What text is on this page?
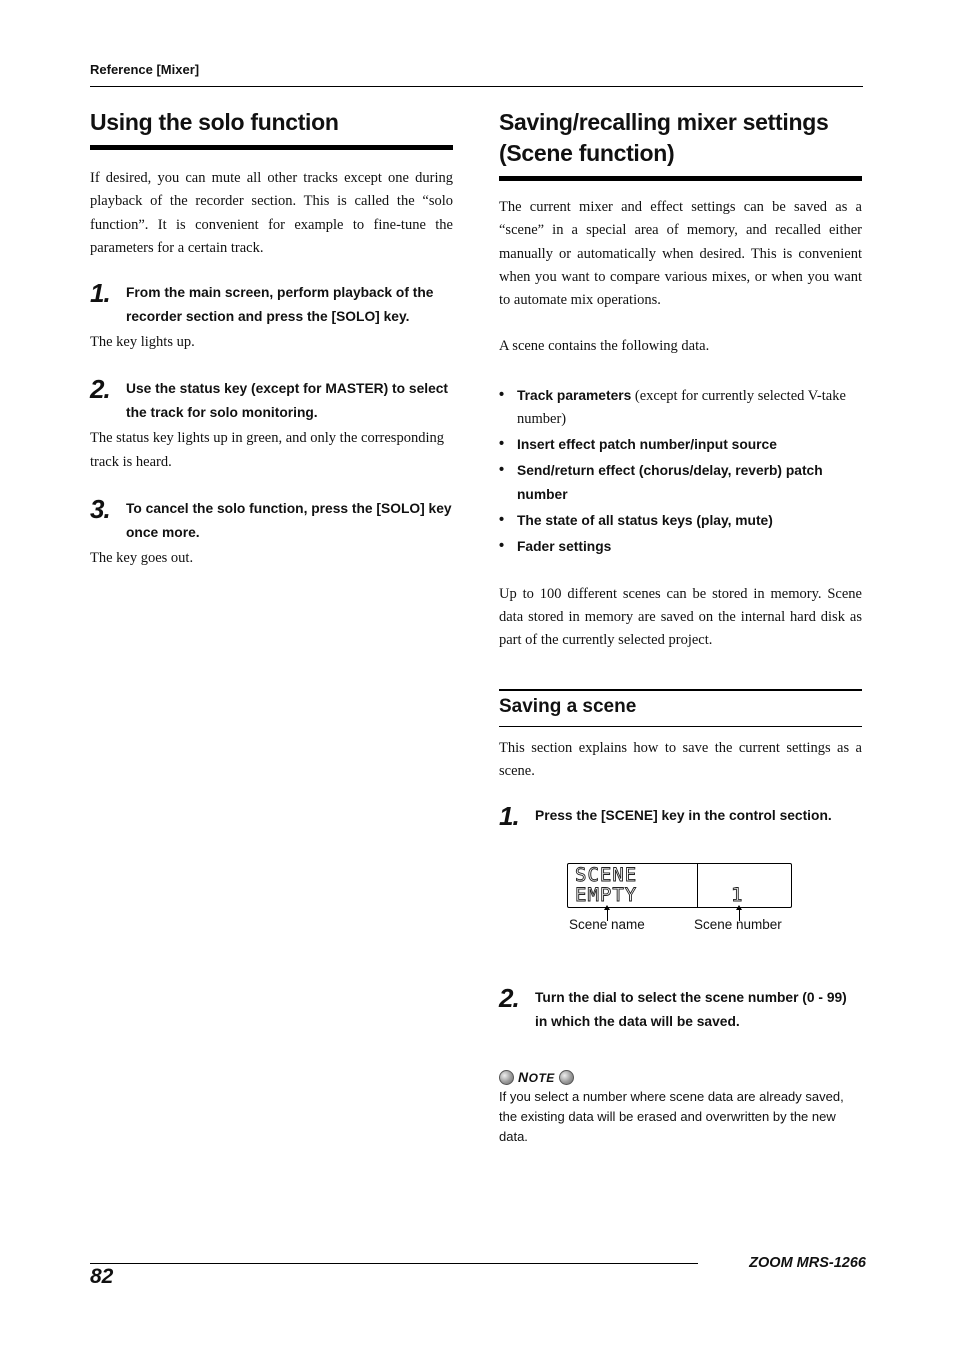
Reference [Mixer]
Using the solo function

If desired, you can mute all other tracks except one during playback of the recorder section. This is called the “solo function”. It is convenient for example to fine-tune the parameters for a certain track.

1.	From the main screen, perform playback of the recorder section and press the [SOLO] key.

The key lights up.

2.	Use the status key (except for MASTER) to select the track for solo monitoring.

The status key lights up in green, and only the corresponding track is heard.

3.	To cancel the solo function, press the [SOLO] key once more.

The key goes out.

Saving/recalling mixer settings (Scene function)

The current mixer and effect settings can be saved as a “scene” in a special area of memory, and recalled either manually or automatically when desired. This is convenient when you want to compare various mixes, or when you want to automate mix operations.

A scene contains the following data.

• Track parameters (except for currently selected V-take number)
• Insert effect patch number/input source
• Send/return effect (chorus/delay, reverb) patch number
• The state of all status keys (play, mute)
• Fader settings

Up to 100 different scenes can be stored in memory. Scene data stored in memory are saved on the internal hard disk as part of the currently selected project.

Saving a scene

This section explains how to save the current settings as a scene.

1.	Press the [SCENE] key in the control section.
SCENE
EMPTY	1
Scene name	Scene number
2.	Turn the dial to select the scene number (0 - 99) in which the data will be saved.
NOTE

If you select a number where scene data are already saved, the existing data will be erased and overwritten by the new data.

82
ZOOM MRS-1266
